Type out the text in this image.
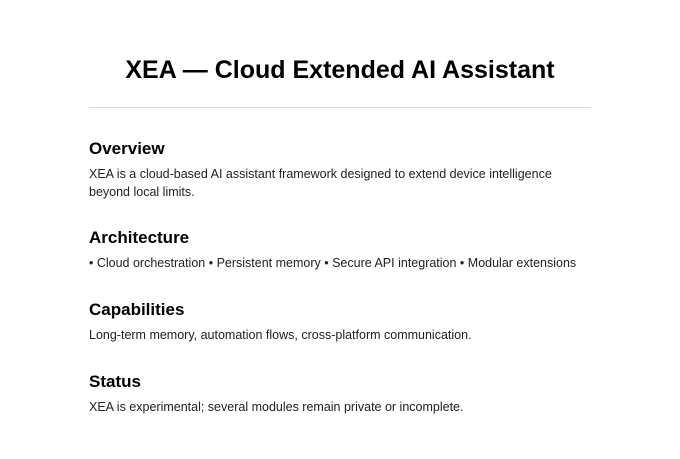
XEA — Cloud Extended AI Assistant
Overview

XEA is a cloud-based AI assistant framework designed to extend device intelligence beyond local limits.

Architecture

• Cloud orchestration • Persistent memory • Secure API integration • Modular extensions

Capabilities

Long-term memory, automation flows, cross-platform communication.

Status

XEA is experimental; several modules remain private or incomplete.
